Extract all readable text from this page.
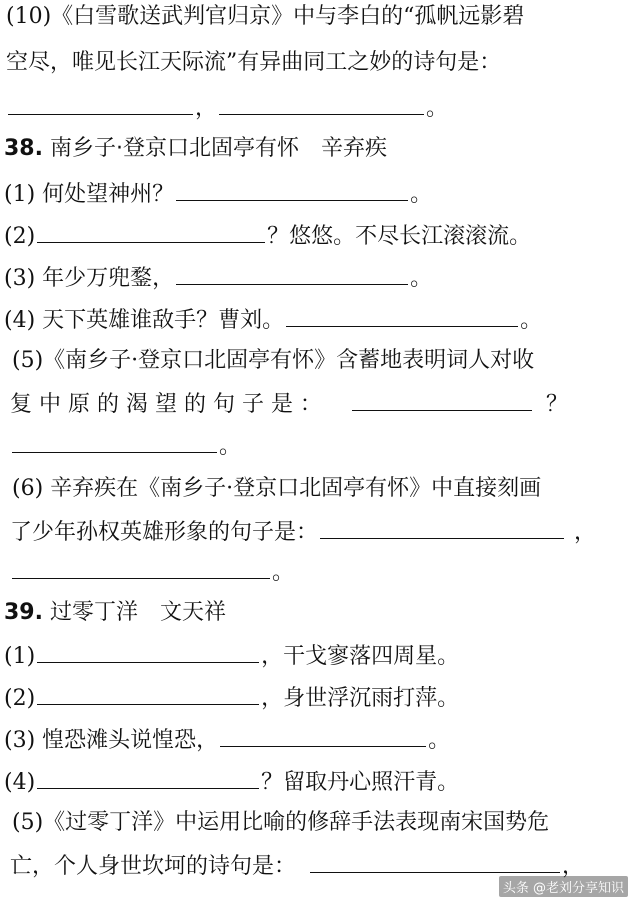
(10)《白雪歌送武判官归京》中与李白的“孤帆远影碧
空尽，唯见长江天际流”有异曲同工之妙的诗句是：
，	。
38. 南乡子·登京口北固亭有怀　辛弃疾
(1) 何处望神州？	。
(2)	？悠悠。不尽长江滚滚流。
(3) 年少万兜鍪，	。
(4) 天下英雄谁敌手？曹刘。	。
(5)《南乡子·登京口北固亭有怀》含蓄地表明词人对收
复 中 原 的 渴 望 的 句 子 是 ：	？
。
(6) 辛弃疾在《南乡子·登京口北固亭有怀》中直接刻画
了少年孙权英雄形象的句子是：	，
。
39. 过零丁洋　文天祥
(1)	，干戈寥落四周星。
(2)	，身世浮沉雨打萍。
(3) 惶恐滩头说惶恐，	。
(4)	？留取丹心照汗青。
(5)《过零丁洋》中运用比喻的修辞手法表现南宋国势危
亡，个人身世坎坷的诗句是：	，
头条 @老刘分享知识
